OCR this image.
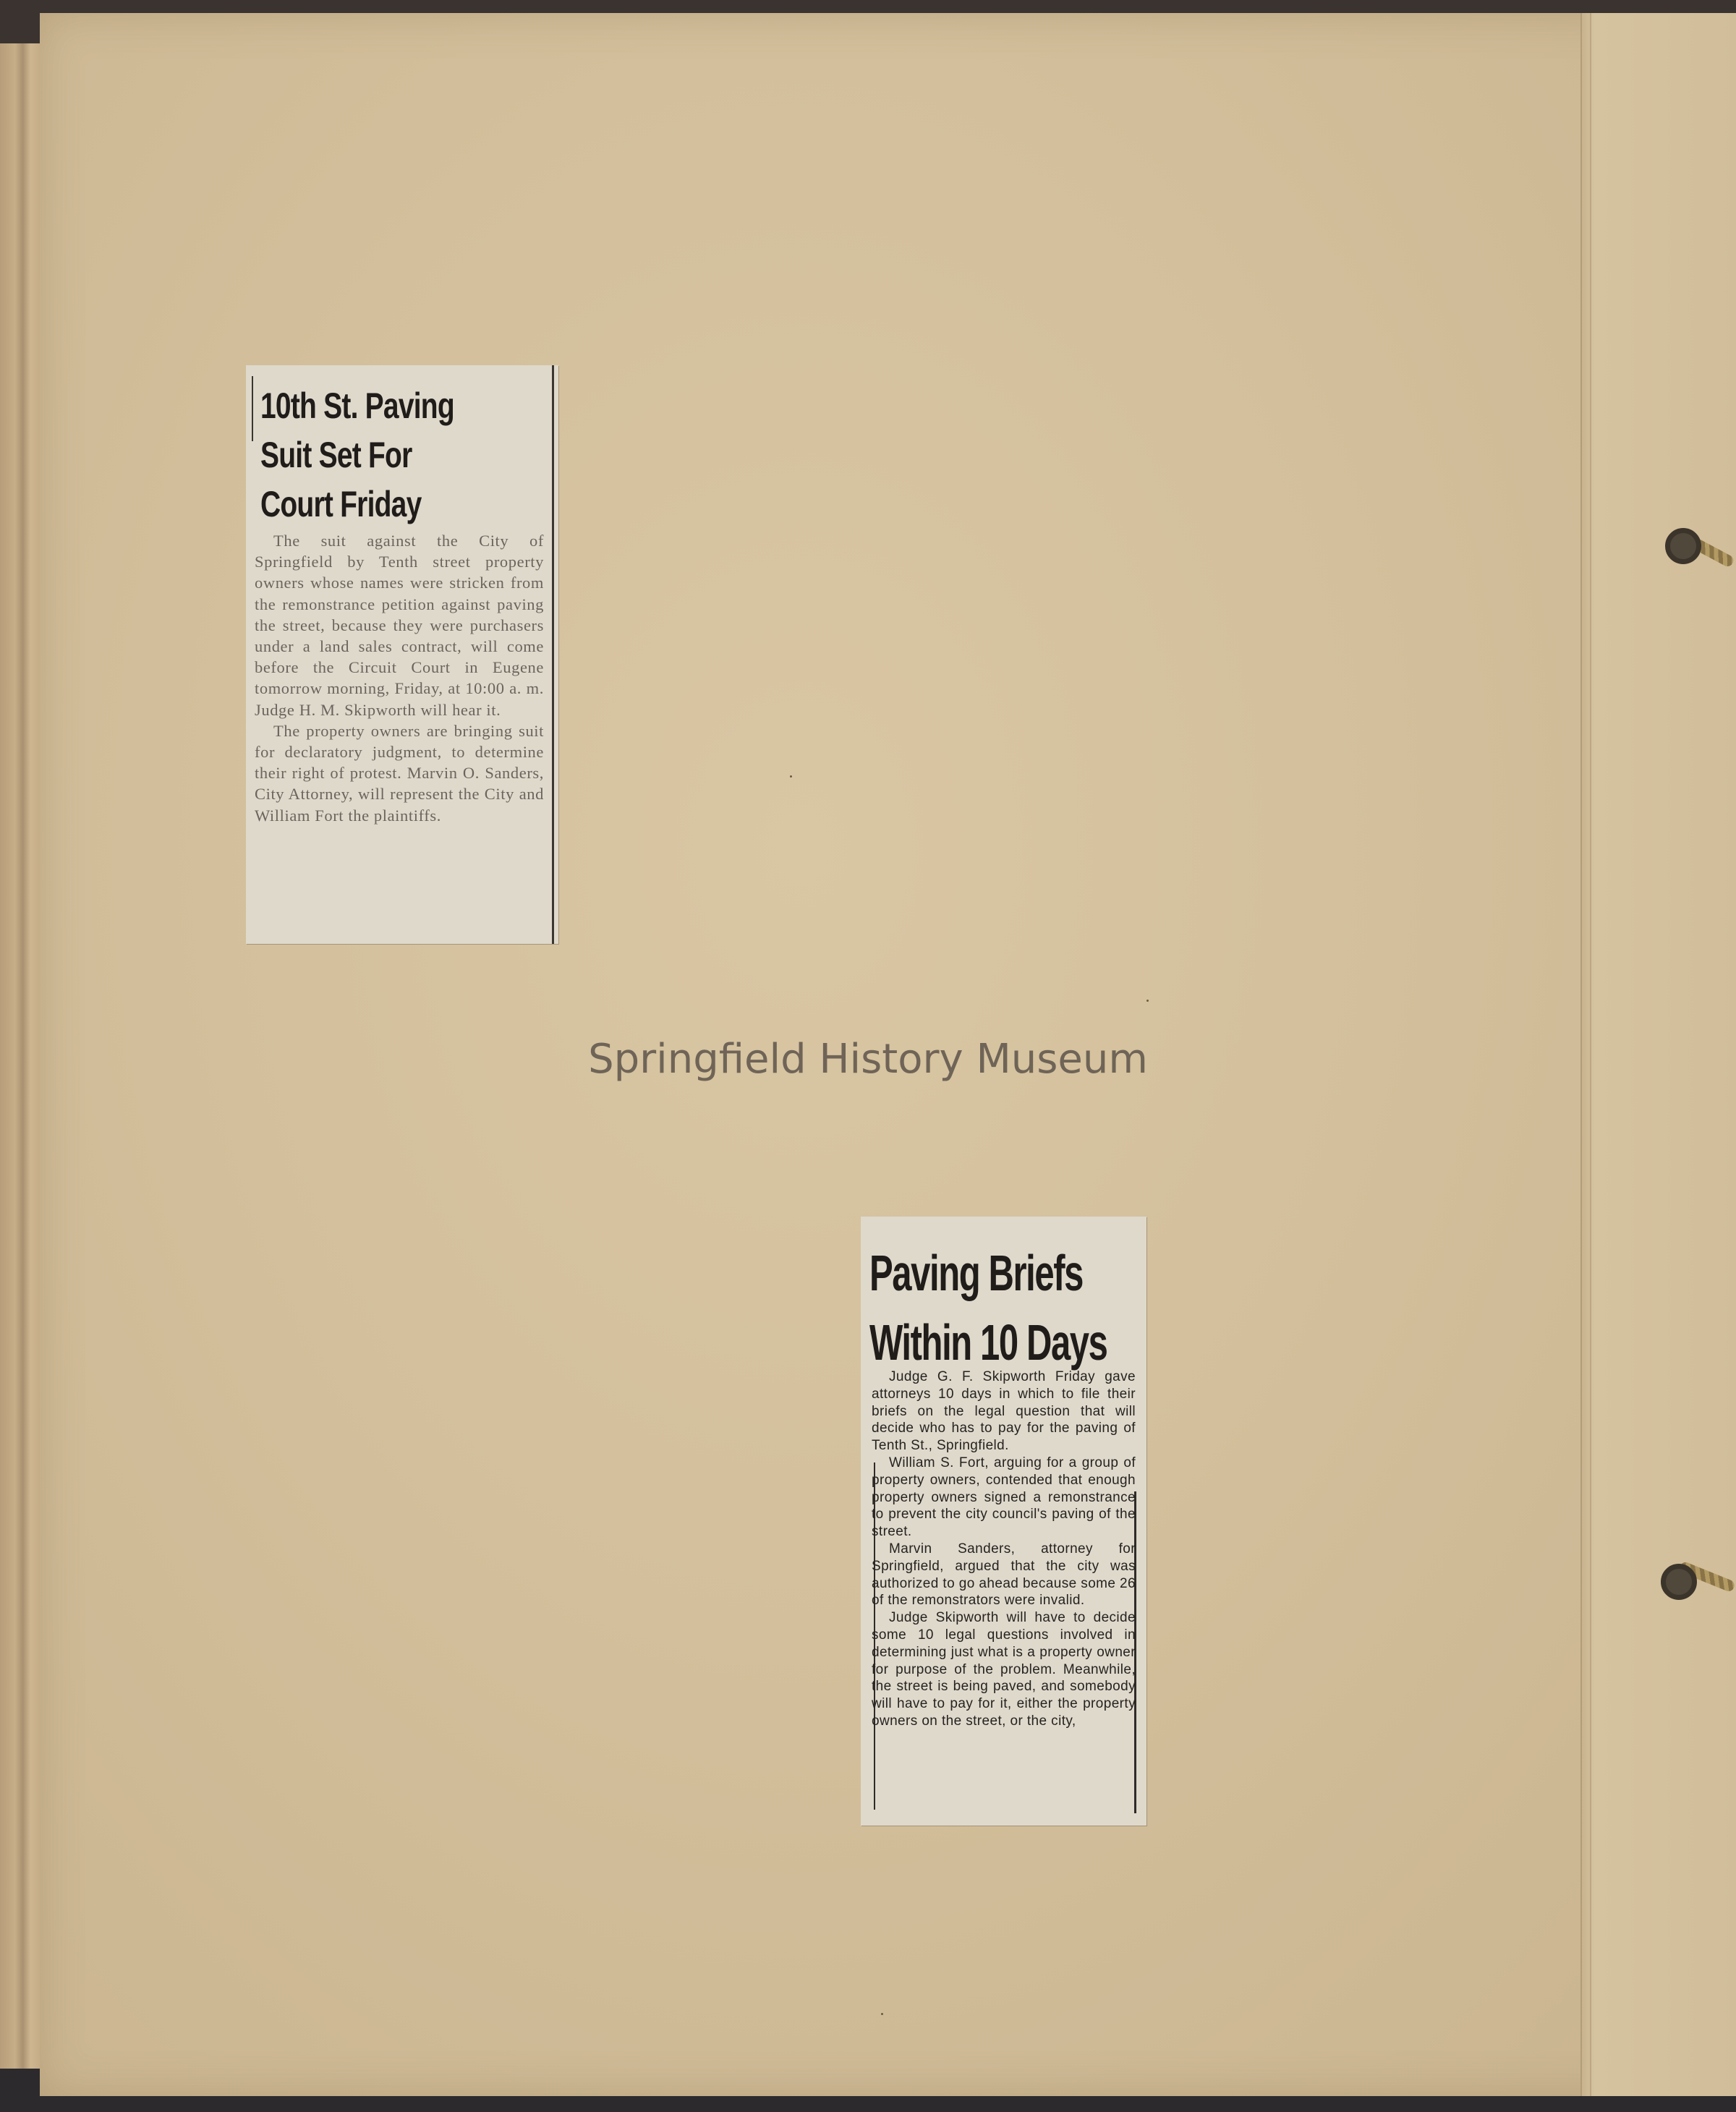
10th St. Paving
Suit Set For
Court Friday

The suit against the City of Springfield by Tenth street property owners whose names were stricken from the remonstrance petition against paving the street, because they were purchasers under a land sales contract, will come before the Circuit Court in Eugene tomorrow morning, Friday, at 10:00 a. m. Judge H. M. Skipworth will hear it.

The property owners are bringing suit for declaratory judgment, to determine their right of protest. Marvin O. Sanders, City Attorney, will represent the City and William Fort the plaintiffs.

Springfield History Museum
Paving Briefs
Within 10 Days

Judge G. F. Skipworth Friday gave attorneys 10 days in which to file their briefs on the legal question that will decide who has to pay for the paving of Tenth St., Springfield.

William S. Fort, arguing for a group of property owners, contended that enough property owners signed a remonstrance to prevent the city council's paving of the street.

Marvin Sanders, attorney for Springfield, argued that the city was authorized to go ahead because some 26 of the remonstrators were invalid.

Judge Skipworth will have to decide some 10 legal questions involved in determining just what is a property owner for purpose of the problem. Meanwhile, the street is being paved, and somebody will have to pay for it, either the property owners on the street, or the city,
